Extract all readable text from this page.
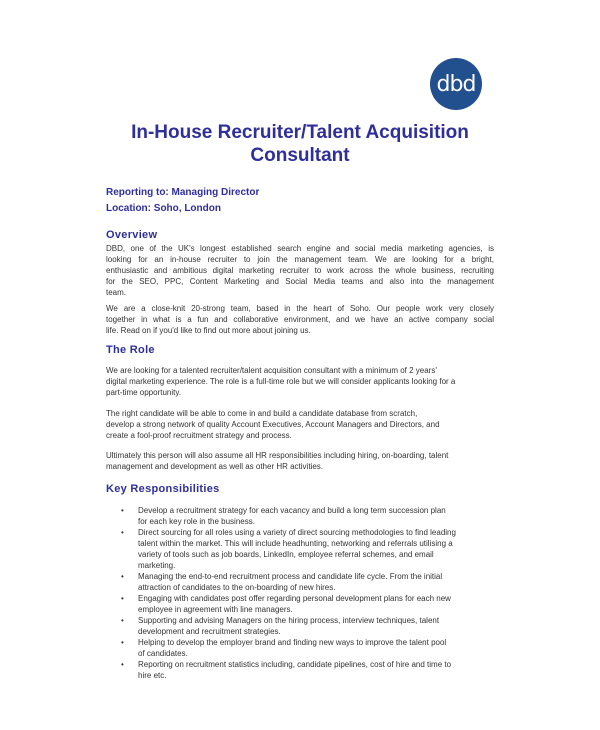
dbd
In-House Recruiter/Talent Acquisition
Consultant
Reporting to: Managing Director
Location: Soho, London
Overview
DBD, one of the UK's longest established search engine and social media marketing agencies, is
looking for an in-house recruiter to join the management team. We are looking for a bright,
enthusiastic and ambitious digital marketing recruiter to work across the whole business, recruiting
for the SEO, PPC, Content Marketing and Social Media teams and also into the management
team.
We are a close-knit 20-strong team, based in the heart of Soho. Our people work very closely
together in what is a fun and collaborative environment, and we have an active company social
life. Read on if you'd like to find out more about joining us.
The Role
We are looking for a talented recruiter/talent acquisition consultant with a minimum of 2 years'
digital marketing experience. The role is a full-time role but we will consider applicants looking for a
part-time opportunity.
The right candidate will be able to come in and build a candidate database from scratch,
develop a strong network of quality Account Executives, Account Managers and Directors, and
create a fool-proof recruitment strategy and process.
Ultimately this person will also assume all HR responsibilities including hiring, on-boarding, talent
management and development as well as other HR activities.
Key Responsibilities
• Develop a recruitment strategy for each vacancy and build a long term succession plan
for each key role in the business.
• Direct sourcing for all roles using a variety of direct sourcing methodologies to find leading
talent within the market. This will include headhunting, networking and referrals utilising a
variety of tools such as job boards, LinkedIn, employee referral schemes, and email
marketing.
• Managing the end-to-end recruitment process and candidate life cycle. From the initial
attraction of candidates to the on-boarding of new hires.
• Engaging with candidates post offer regarding personal development plans for each new
employee in agreement with line managers.
• Supporting and advising Managers on the hiring process, interview techniques, talent
development and recruitment strategies.
• Helping to develop the employer brand and finding new ways to improve the talent pool
of candidates.
• Reporting on recruitment statistics including, candidate pipelines, cost of hire and time to
hire etc.
